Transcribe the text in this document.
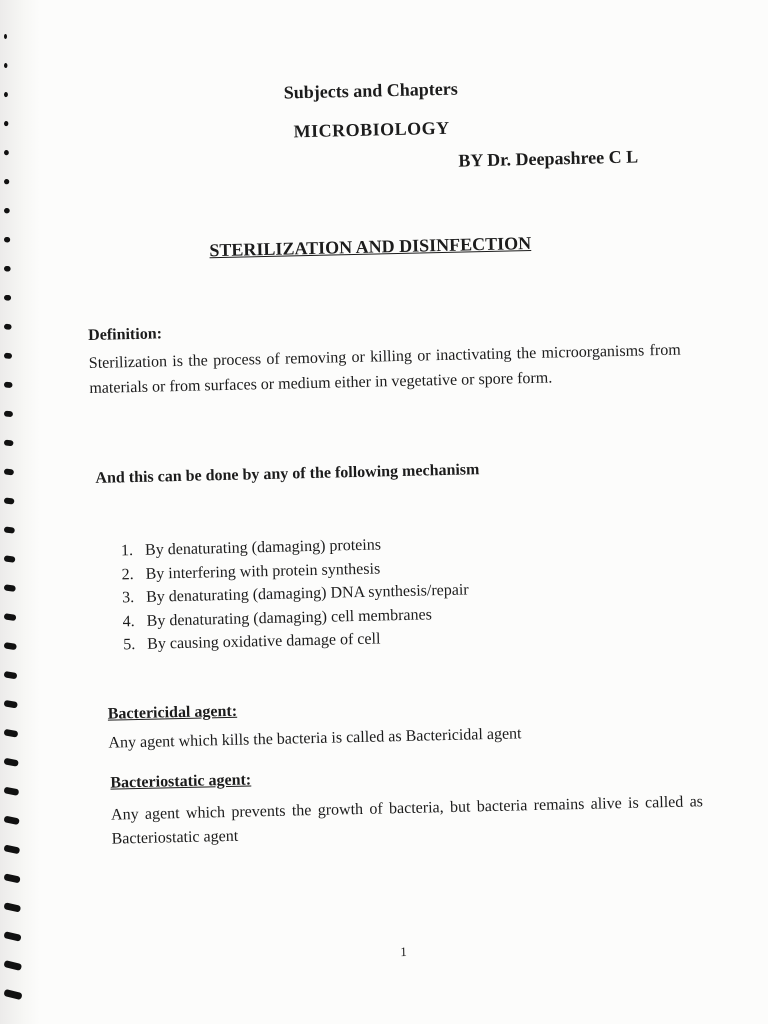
Subjects and Chapters
MICROBIOLOGY
BY Dr. Deepashree C L
STERILIZATION AND DISINFECTION
Definition:
Sterilization is the process of removing or killing or inactivating the microorganisms from materials or from surfaces or medium either in vegetative or spore form.
And this can be done by any of the following mechanism
1. By denaturating (damaging) proteins
2. By interfering with protein synthesis
3. By denaturating (damaging) DNA synthesis/repair
4. By denaturating (damaging) cell membranes
5. By causing oxidative damage of cell
Bactericidal agent:
Any agent which kills the bacteria is called as Bactericidal agent
Bacteriostatic agent:
Any agent which prevents the growth of bacteria, but bacteria remains alive is called as Bacteriostatic agent
1
